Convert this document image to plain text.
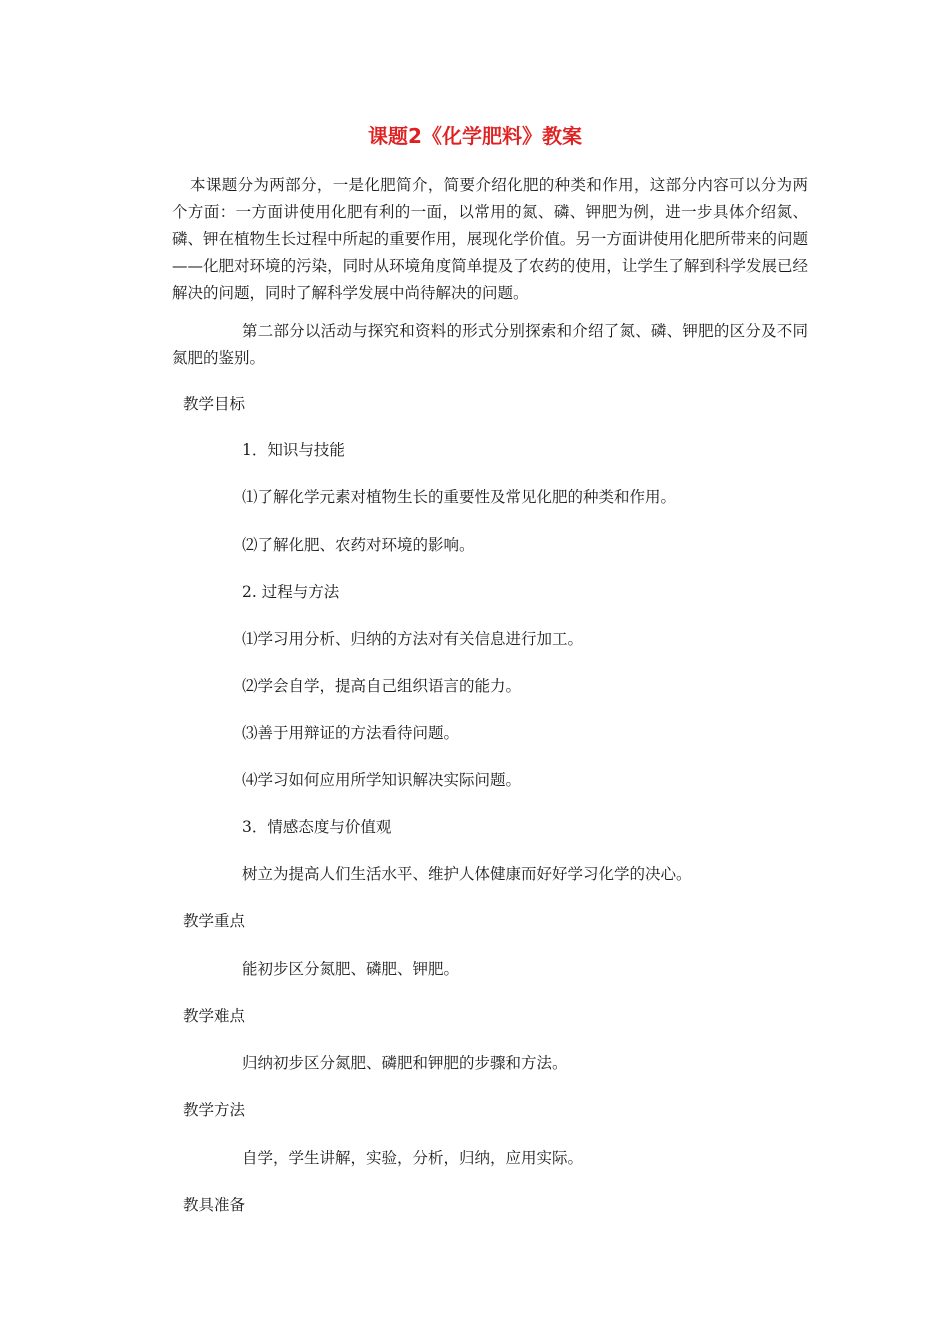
课题2《化学肥料》教案
本课题分为两部分，一是化肥简介，简要介绍化肥的种类和作用，这部分内容可以分为两个方面：一方面讲使用化肥有利的一面，以常用的氮、磷、钾肥为例，进一步具体介绍氮、磷、钾在植物生长过程中所起的重要作用，展现化学价值。另一方面讲使用化肥所带来的问题——化肥对环境的污染，同时从环境角度简单提及了农药的使用，让学生了解到科学发展已经解决的问题，同时了解科学发展中尚待解决的问题。
第二部分以活动与探究和资料的形式分别探索和介绍了氮、磷、钾肥的区分及不同氮肥的鉴别。
教学目标
1．知识与技能
⑴了解化学元素对植物生长的重要性及常见化肥的种类和作用。
⑵了解化肥、农药对环境的影响。
2. 过程与方法
⑴学习用分析、归纳的方法对有关信息进行加工。
⑵学会自学，提高自己组织语言的能力。
⑶善于用辩证的方法看待问题。
⑷学习如何应用所学知识解决实际问题。
3．情感态度与价值观
树立为提高人们生活水平、维护人体健康而好好学习化学的决心。
教学重点
能初步区分氮肥、磷肥、钾肥。
教学难点
归纳初步区分氮肥、磷肥和钾肥的步骤和方法。
教学方法
自学，学生讲解，实验，分析，归纳，应用实际。
教具准备
